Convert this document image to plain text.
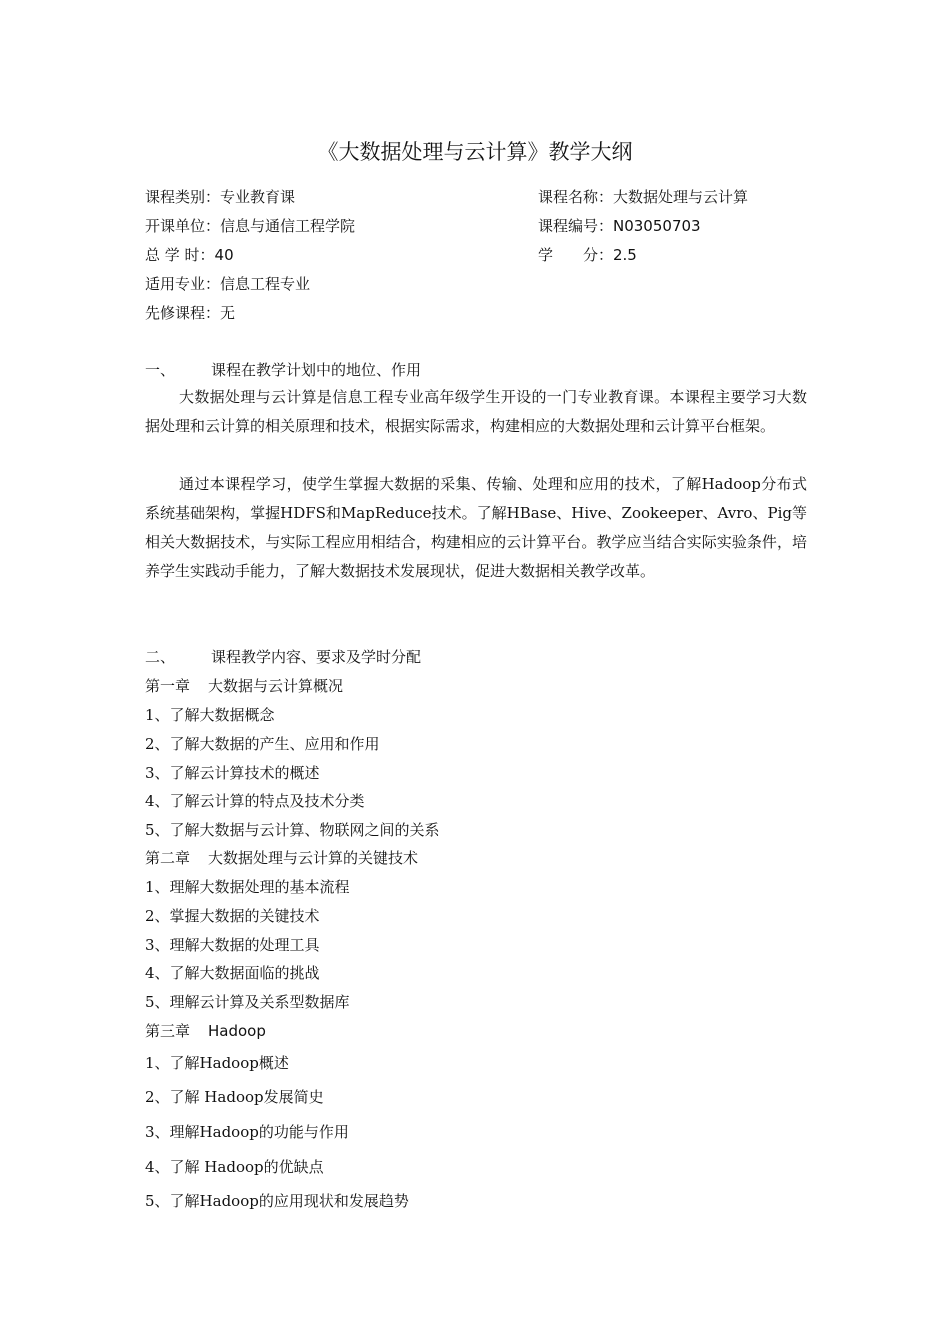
《大数据处理与云计算》教学大纲
课程类别：专业教育课	课程名称：大数据处理与云计算
开课单位：信息与通信工程学院	课程编号：N03050703
总 学 时：40	学　　分：2.5
适用专业：信息工程专业
先修课程：无
一、 课程在教学计划中的地位、作用

大数据处理与云计算是信息工程专业高年级学生开设的一门专业教育课。本课程主要学习大数据处理和云计算的相关原理和技术，根据实际需求，构建相应的大数据处理和云计算平台框架。

通过本课程学习，使学生掌握大数据的采集、传输、处理和应用的技术，了解Hadoop分布式系统基础架构，掌握HDFS和MapReduce技术。了解HBase、Hive、Zookeeper、Avro、Pig等相关大数据技术，与实际工程应用相结合，构建相应的云计算平台。教学应当结合实际实验条件，培养学生实践动手能力，了解大数据技术发展现状，促进大数据相关教学改革。

二、 课程教学内容、要求及学时分配
第一章 大数据与云计算概况
1、了解大数据概念
2、了解大数据的产生、应用和作用
3、了解云计算技术的概述
4、了解云计算的特点及技术分类
5、了解大数据与云计算、物联网之间的关系
第二章 大数据处理与云计算的关键技术
1、理解大数据处理的基本流程
2、掌握大数据的关键技术
3、理解大数据的处理工具
4、了解大数据面临的挑战
5、理解云计算及关系型数据库
第三章 Hadoop
1、了解Hadoop概述
2、了解 Hadoop发展简史
3、理解Hadoop的功能与作用
4、了解 Hadoop的优缺点
5、了解Hadoop的应用现状和发展趋势
